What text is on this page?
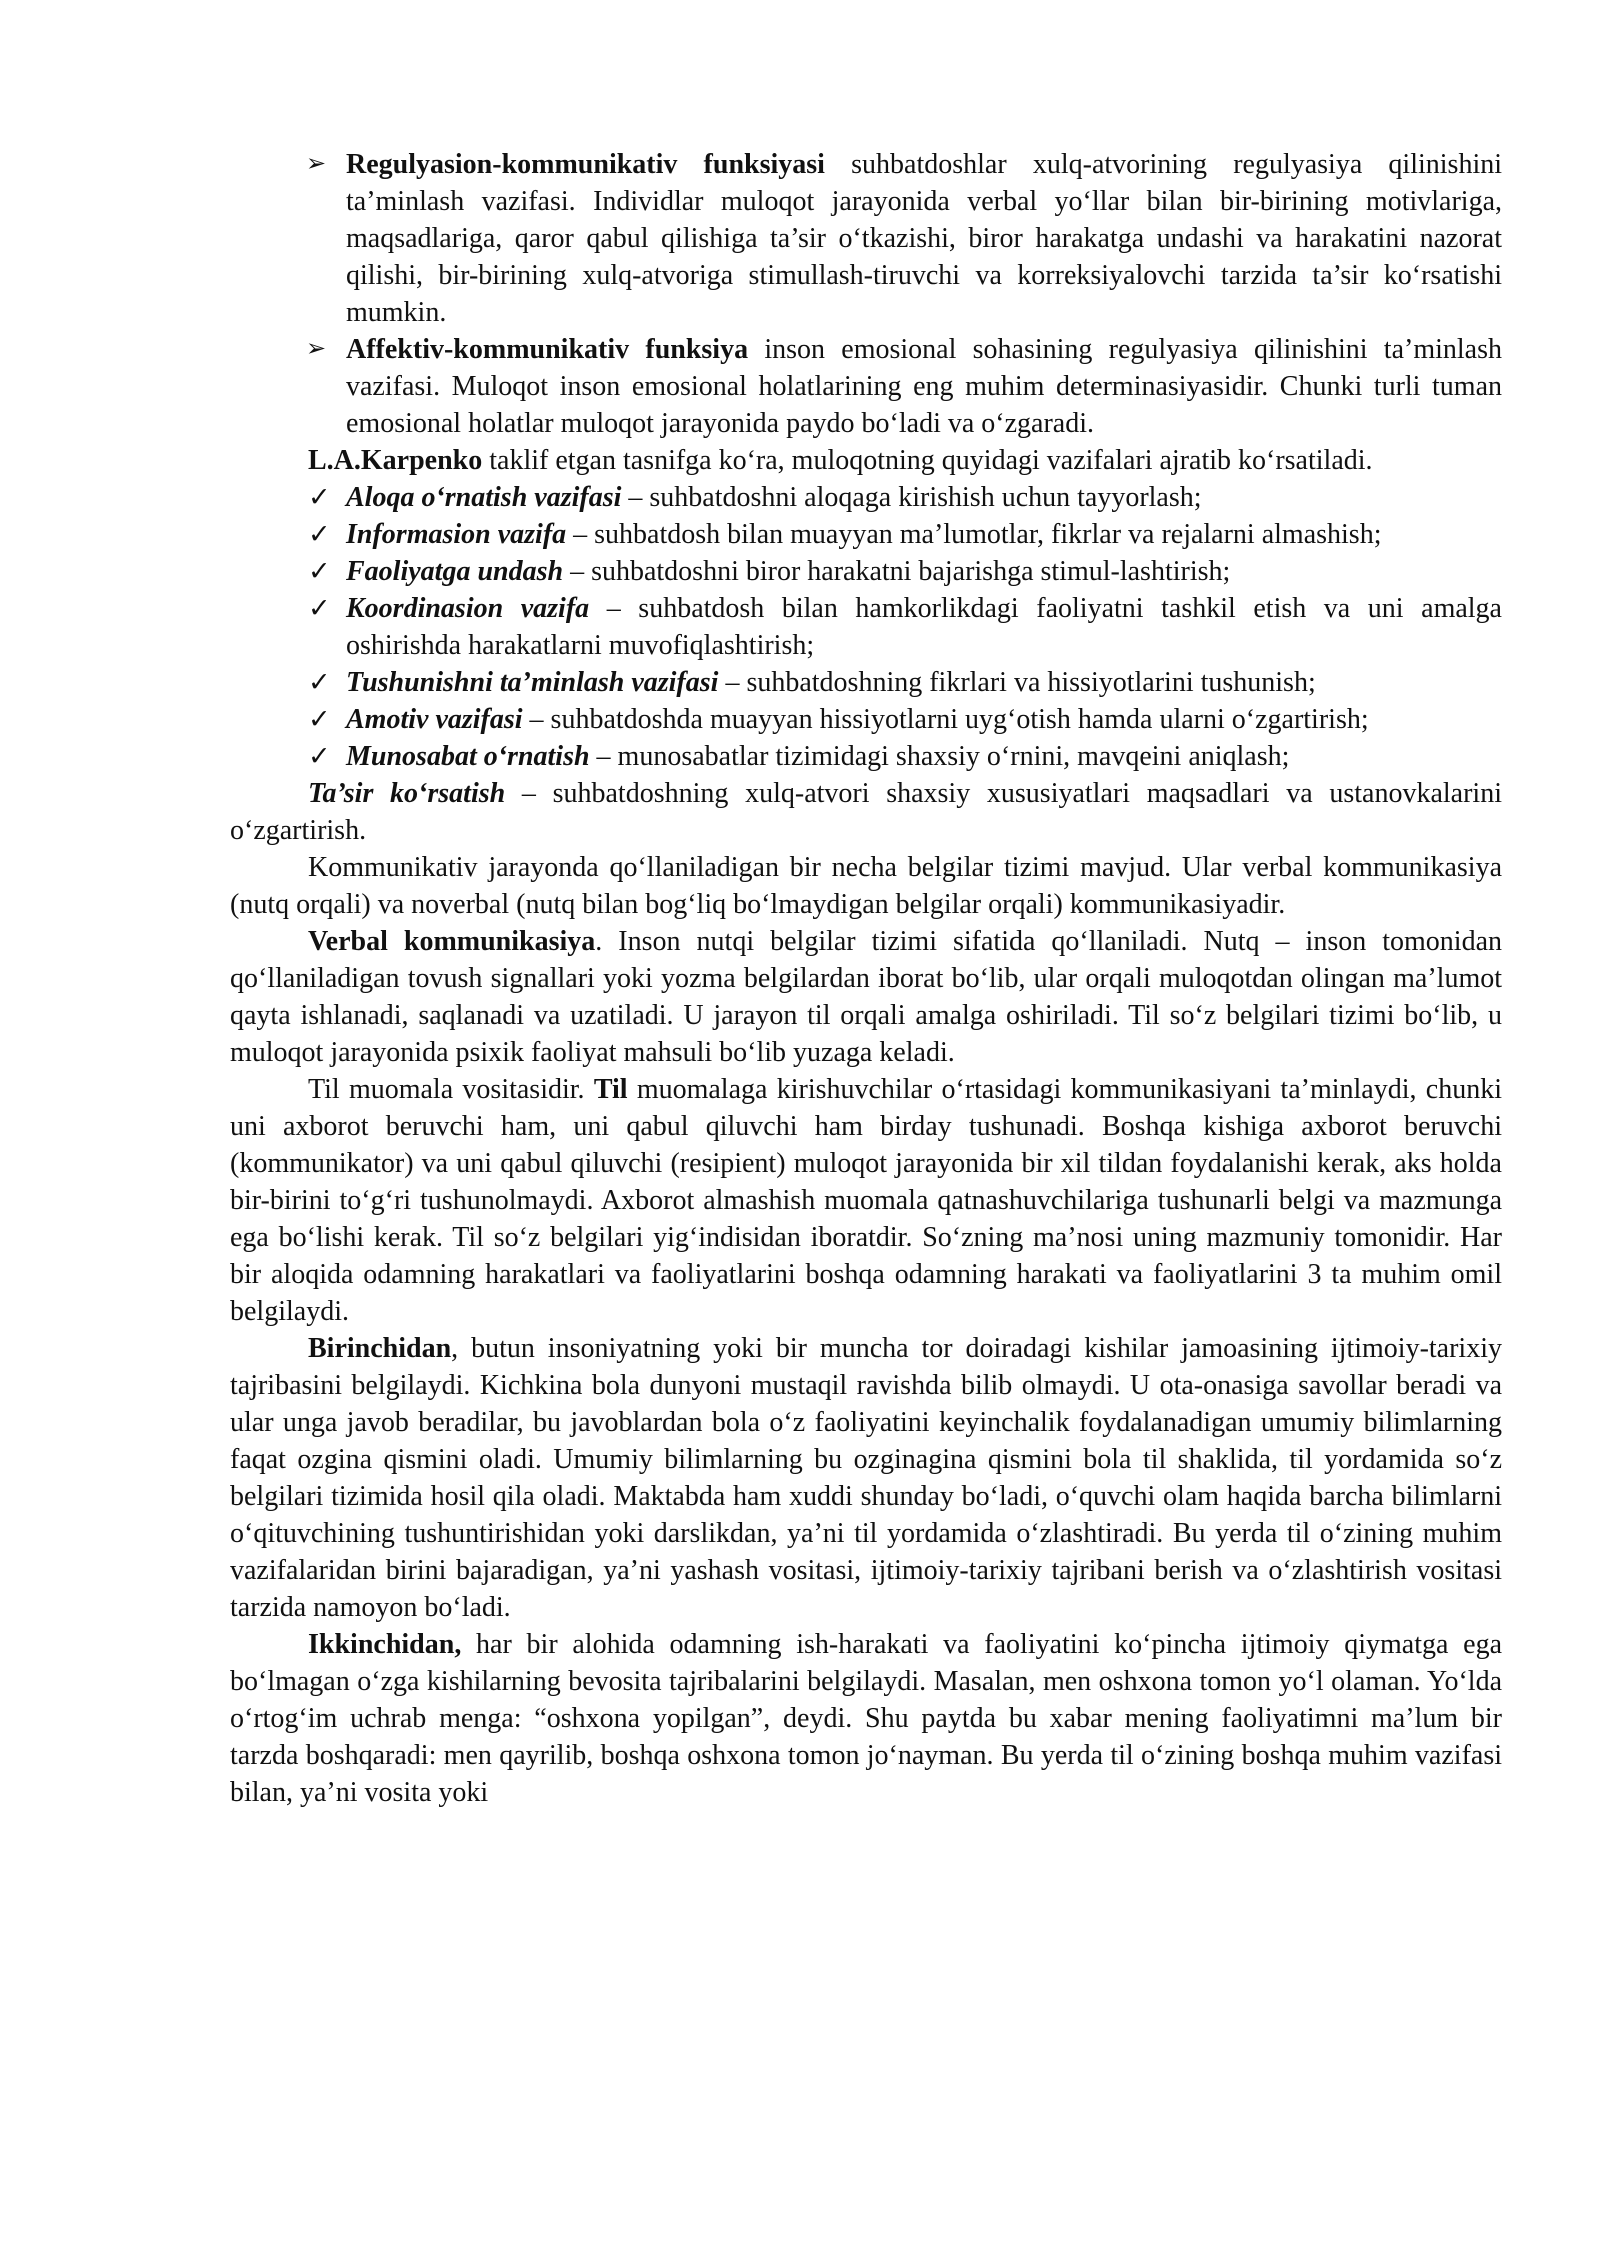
➢ Regulyasion-kommunikativ funksiyasi suhbatdoshlar xulq-atvorining regulyasiya qilinishini ta’minlash vazifasi. Individlar muloqot jarayonida verbal yo‘llar bilan bir-birining motivlariga, maqsadlariga, qaror qabul qilishiga ta’sir o‘tkazishi, biror harakatga undashi va harakatini nazorat qilishi, bir-birining xulq-atvoriga stimullash-tiruvchi va korreksiyalovchi tarzida ta’sir ko‘rsatishi mumkin.

➢ Affektiv-kommunikativ funksiya inson emosional sohasining regulyasiya qilinishini ta’minlash vazifasi. Muloqot inson emosional holatlarining eng muhim determinasiyasidir. Chunki turli tuman emosional holatlar muloqot jarayonida paydo bo‘ladi va o‘zgaradi.

L.A.Karpenko taklif etgan tasnifga ko‘ra, muloqotning quyidagi vazifalari ajratib ko‘rsatiladi.

✓ Aloqa o‘rnatish vazifasi – suhbatdoshni aloqaga kirishish uchun tayyorlash;

✓ Informasion vazifa – suhbatdosh bilan muayyan ma’lumotlar, fikrlar va rejalarni almashish;

✓ Faoliyatga undash – suhbatdoshni biror harakatni bajarishga stimul-lashtirish;

✓ Koordinasion vazifa – suhbatdosh bilan hamkorlikdagi faoliyatni tashkil etish va uni amalga oshirishda harakatlarni muvofiqlashtirish;

✓ Tushunishni ta’minlash vazifasi – suhbatdoshning fikrlari va hissiyotlarini tushunish;

✓ Amotiv vazifasi – suhbatdoshda muayyan hissiyotlarni uyg‘otish hamda ularni o‘zgartirish;

✓ Munosabat o‘rnatish – munosabatlar tizimidagi shaxsiy o‘rnini, mavqeini aniqlash;

Ta’sir ko‘rsatish – suhbatdoshning xulq-atvori shaxsiy xususiyatlari maqsadlari va ustanovkalarini o‘zgartirish.

Kommunikativ jarayonda qo‘llaniladigan bir necha belgilar tizimi mavjud. Ular verbal kommunikasiya (nutq orqali) va noverbal (nutq bilan bog‘liq bo‘lmaydigan belgilar orqali) kommunikasiyadir.

Verbal kommunikasiya. Inson nutqi belgilar tizimi sifatida qo‘llaniladi. Nutq – inson tomonidan qo‘llaniladigan tovush signallari yoki yozma belgilardan iborat bo‘lib, ular orqali muloqotdan olingan ma’lumot qayta ishlanadi, saqlanadi va uzatiladi. U jarayon til orqali amalga oshiriladi. Til so‘z belgilari tizimi bo‘lib, u muloqot jarayonida psixik faoliyat mahsuli bo‘lib yuzaga keladi.

Til muomala vositasidir. Til muomalaga kirishuvchilar o‘rtasidagi kommunikasiyani ta’minlaydi, chunki uni axborot beruvchi ham, uni qabul qiluvchi ham birday tushunadi. Boshqa kishiga axborot beruvchi (kommunikator) va uni qabul qiluvchi (resipient) muloqot jarayonida bir xil tildan foydalanishi kerak, aks holda bir-birini to‘g‘ri tushunolmaydi. Axborot almashish muomala qatnashuvchilariga tushunarli belgi va mazmunga ega bo‘lishi kerak. Til so‘z belgilari yig‘indisidan iboratdir. So‘zning ma’nosi uning mazmuniy tomonidir. Har bir aloqida odamning harakatlari va faoliyatlarini boshqa odamning harakati va faoliyatlarini 3 ta muhim omil belgilaydi.

Birinchidan, butun insoniyatning yoki bir muncha tor doiradagi kishilar jamoasining ijtimoiy-tarixiy tajribasini belgilaydi. Kichkina bola dunyoni mustaqil ravishda bilib olmaydi. U ota-onasiga savollar beradi va ular unga javob beradilar, bu javoblardan bola o‘z faoliyatini keyinchalik foydalanadigan umumiy bilimlarning faqat ozgina qismini oladi. Umumiy bilimlarning bu ozginagina qismini bola til shaklida, til yordamida so‘z belgilari tizimida hosil qila oladi. Maktabda ham xuddi shunday bo‘ladi, o‘quvchi olam haqida barcha bilimlarni o‘qituvchining tushuntirishidan yoki darslikdan, ya’ni til yordamida o‘zlashtiradi. Bu yerda til o‘zining muhim vazifalaridan birini bajaradigan, ya’ni yashash vositasi, ijtimoiy-tarixiy tajribani berish va o‘zlashtirish vositasi tarzida namoyon bo‘ladi.

Ikkinchidan, har bir alohida odamning ish-harakati va faoliyatini ko‘pincha ijtimoiy qiymatga ega bo‘lmagan o‘zga kishilarning bevosita tajribalarini belgilaydi. Masalan, men oshxona tomon yo‘l olaman. Yo‘lda o‘rtog‘im uchrab menga: “oshxona yopilgan”, deydi. Shu paytda bu xabar mening faoliyatimni ma’lum bir tarzda boshqaradi: men qayrilib, boshqa oshxona tomon jo‘nayman. Bu yerda til o‘zining boshqa muhim vazifasi bilan, ya’ni vosita yoki
